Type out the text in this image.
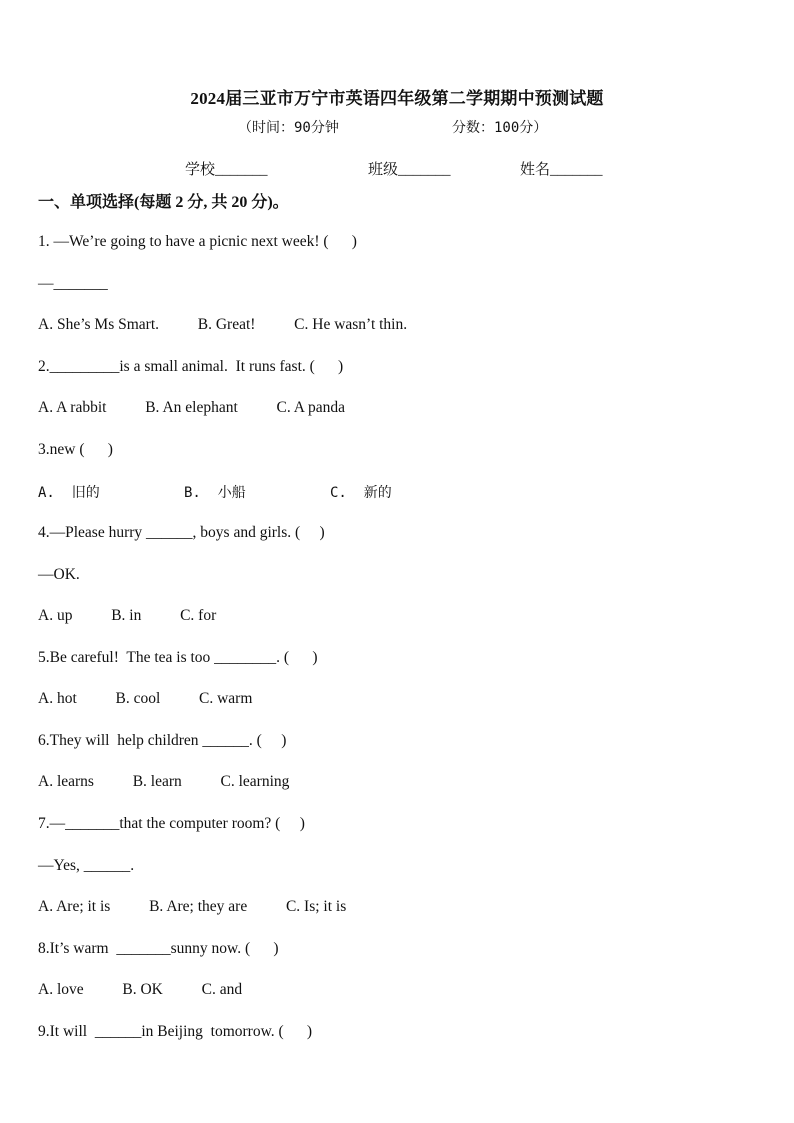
2024届三亚市万宁市英语四年级第二学期期中预测试题
（时间：90分钟	分数：100分）
学校_______	班级_______	姓名_______
一、单项选择(每题 2 分, 共 20 分)。
1. —We’re going to have a picnic next week! (      )
—_______
A. She’s Ms Smart.          B. Great!          C. He wasn’t thin.
2._________is a small animal.  It runs fast. (      )
A. A rabbit          B. An elephant          C. A panda
3.new (      )
A.  旧的          B.  小船          C.  新的
4.—Please hurry ______, boys and girls. (     )
—OK.
A. up          B. in          C. for
5.Be careful!  The tea is too ________. (      )
A. hot          B. cool          C. warm
6.They will  help children ______. (     )
A. learns          B. learn          C. learning
7.—_______that the computer room? (     )
—Yes, ______.
A. Are; it is          B. Are; they are          C. Is; it is
8.It’s warm  _______sunny now. (      )
A. love          B. OK          C. and
9.It will  ______in Beijing  tomorrow. (      )
